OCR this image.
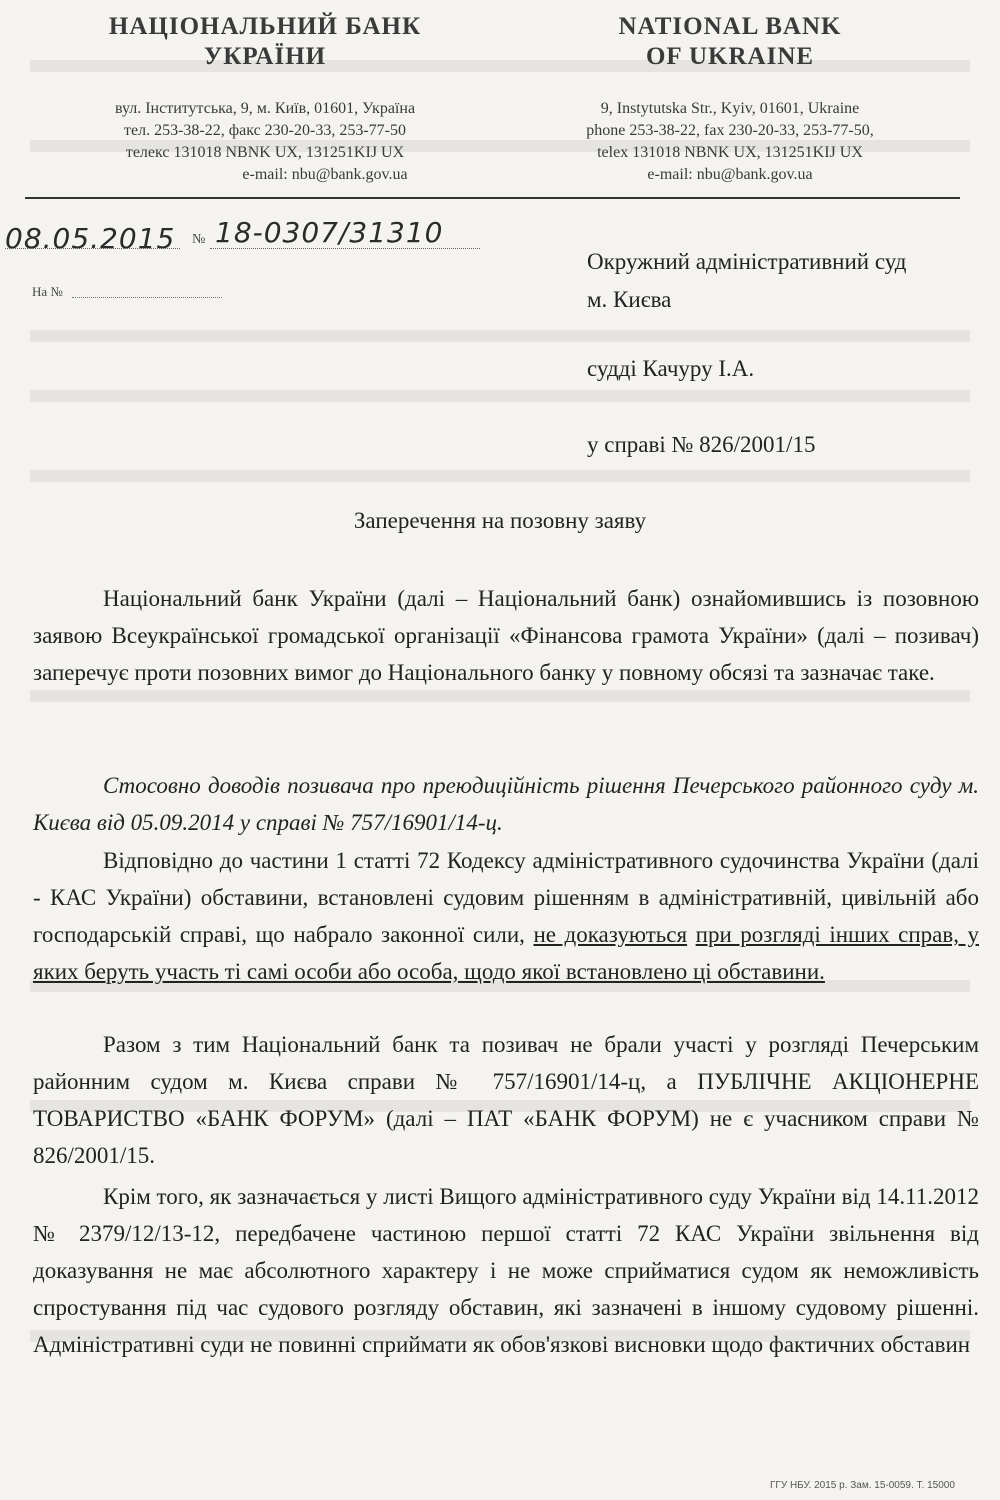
НАЦІОНАЛЬНИЙ БАНК
УКРАЇНИ
вул. Інститутська, 9, м. Київ, 01601, Україна
тел. 253-38-22, факс 230-20-33, 253-77-50
телекс 131018 NBNK UX, 131251KIJ UX
e-mail: nbu@bank.gov.ua
NATIONAL BANK
OF UKRAINE
9, Instytutska Str., Kyiv, 01601, Ukraine
phone 253-38-22, fax 230-20-33, 253-77-50,
telex 131018 NBNK UX, 131251KIJ UX
e-mail: nbu@bank.gov.ua
08.05.2015 № 18-0307/31310
На №
Окружний адміністративний суд
м. Києва
судді Качуру І.А.
у справі № 826/2001/15
Заперечення на позовну заяву
Національний банк України (далі – Національний банк) ознайомившись із позовною заявою Всеукраїнської громадської організації «Фінансова грамота України» (далі – позивач) заперечує проти позовних вимог до Національного банку у повному обсязі та зазначає таке.
Стосовно доводів позивача про преюдиційність рішення Печерського районного суду м. Києва від 05.09.2014 у справі № 757/16901/14-ц.
Відповідно до частини 1 статті 72 Кодексу адміністративного судочинства України (далі - КАС України) обставини, встановлені судовим рішенням в адміністративній, цивільній або господарській справі, що набрало законної сили, не доказуються при розгляді інших справ, у яких беруть участь ті самі особи або особа, щодо якої встановлено ці обставини.
Разом з тим Національний банк та позивач не брали участі у розгляді Печерським районним судом м. Києва справи № 757/16901/14-ц, а ПУБЛІЧНЕ АКЦІОНЕРНЕ ТОВАРИСТВО «БАНК ФОРУМ» (далі – ПАТ «БАНК ФОРУМ) не є учасником справи № 826/2001/15.
Крім того, як зазначається у листі Вищого адміністративного суду України від 14.11.2012 № 2379/12/13-12, передбачене частиною першої статті 72 КАС України звільнення від доказування не має абсолютного характеру і не може сприйматися судом як неможливість спростування під час судового розгляду обставин, які зазначені в іншому судовому рішенні. Адміністративні суди не повинні сприймати як обов'язкові висновки щодо фактичних обставин
ГГУ НБУ. 2015 р. Зам. 15-0059. Т. 15000
